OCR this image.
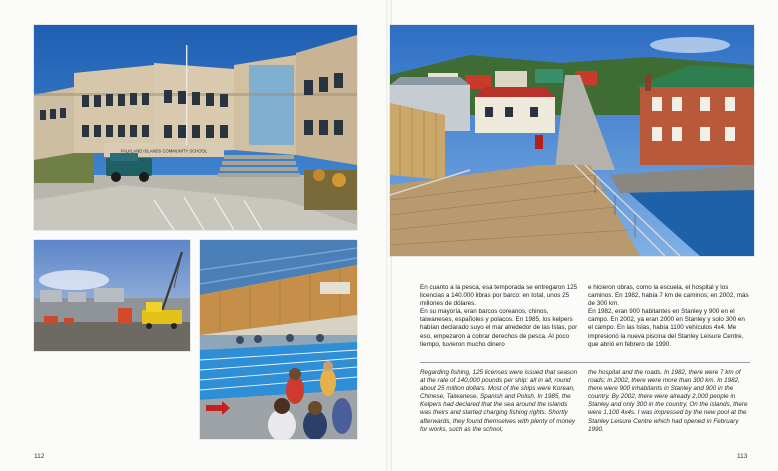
FALKLAND ISLANDS COMMUNITY SCHOOL

En cuanto a la pesca, esa temporada se entregaron 125 licencias a 140.000 libras por barco: en total, unos 25 millones de dólares.

En su mayoría, eran barcos coreanos, chinos, taiwaneses, españoles y polacos. En 1985, los kelpers habían declarado suyo el mar alrededor de las Islas, por eso, empezaron a cobrar derechos de pesca. Al poco tiempo, tuvieron mucho dinero

e hicieron obras, como la escuela, el hospital y los caminos. En 1982, había 7 km de caminos; en 2002, más de 300 km.

En 1982, eran 900 habitantes en Stanley y 900 en el campo. En 2002, ya eran 2000 en Stanley y solo 300 en el campo. En las Islas, había 1100 vehículos 4x4. Me impresionó la nueva piscina del Stanley Leisure Centre, que abrió en febrero de 1990.

Regarding fishing, 125 licenses were issued that season at the rate of 140,000 pounds per ship: all in all, round about 25 million dollars. Most of the ships were Korean, Chinese, Taiwanese, Spanish and Polish. In 1985, the Kelpers had declared that the sea around the islands was theirs and started charging fishing rights. Shortly afterwards, they found themselves with plenty of money for works, such as the school,

the hospital and the roads. In 1982, there were 7 km of roads; in 2002, there were more than 300 km. In 1982, there were 900 inhabitants in Stanley and 900 in the country. By 2002, there were already 2,000 people in Stanley and only 300 in the country. On the islands, there were 1,100 4x4s. I was impressed by the new pool at the Stanley Leisure Centre which had opened in February 1990.

112	113
